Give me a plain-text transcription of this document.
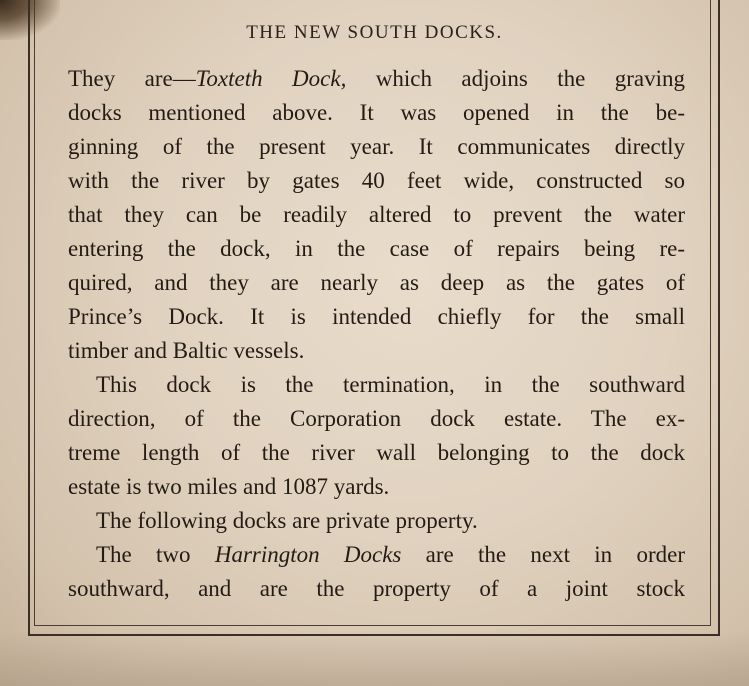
THE NEW SOUTH DOCKS.
They are—Toxteth Dock, which adjoins the graving
docks mentioned above. It was opened in the be-
ginning of the present year. It communicates directly
with the river by gates 40 feet wide, constructed so
that they can be readily altered to prevent the water
entering the dock, in the case of repairs being re-
quired, and they are nearly as deep as the gates of
Prince’s Dock. It is intended chiefly for the small
timber and Baltic vessels.
This dock is the termination, in the southward
direction, of the Corporation dock estate. The ex-
treme length of the river wall belonging to the dock
estate is two miles and 1087 yards.
The following docks are private property.
The two Harrington Docks are the next in order
southward, and are the property of a joint stock
